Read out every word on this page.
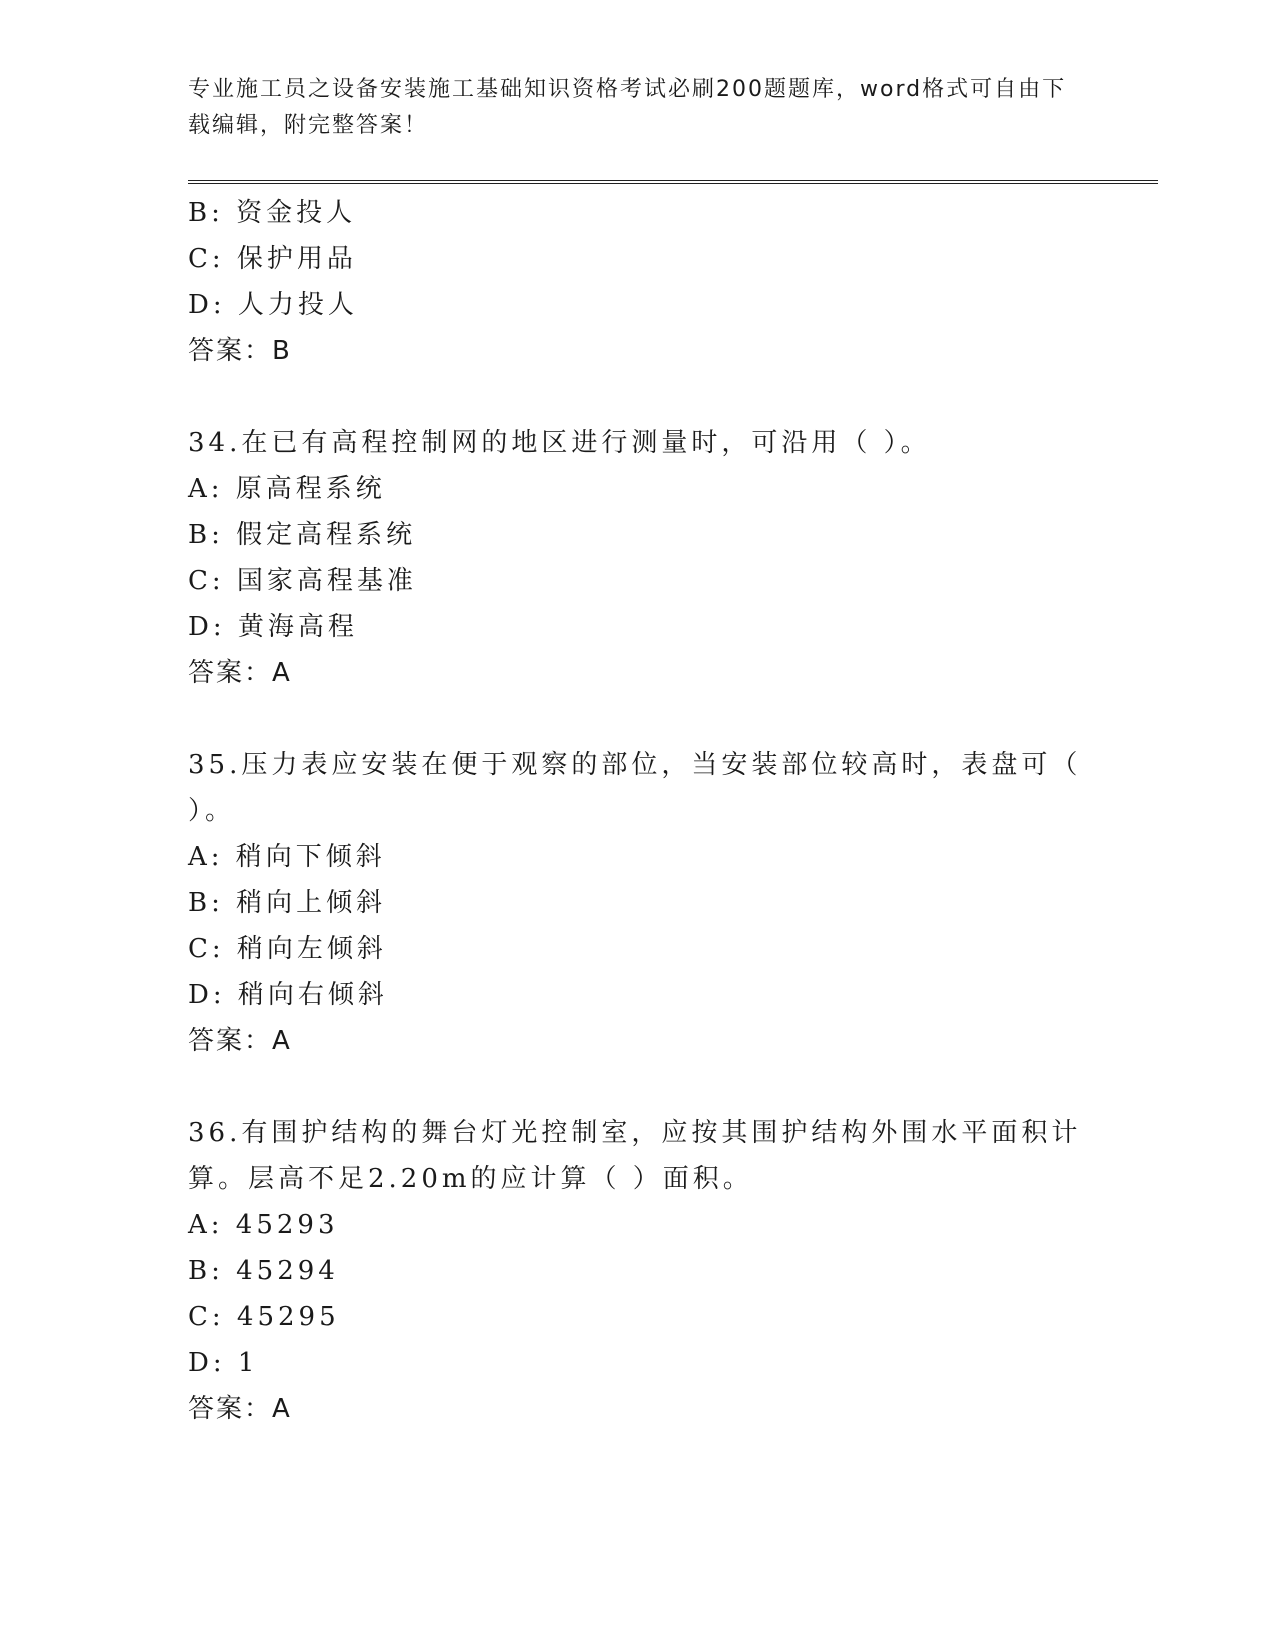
专业施工员之设备安装施工基础知识资格考试必刷200题题库，word格式可自由下载编辑，附完整答案！
B: 资金投人
C: 保护用品
D: 人力投人
答案：B
34.在已有高程控制网的地区进行测量时，可沿用（ ）。
A: 原高程系统
B: 假定高程系统
C: 国家高程基准
D: 黄海高程
答案：A
35.压力表应安装在便于观察的部位，当安装部位较高时，表盘可（ ）。
A: 稍向下倾斜
B: 稍向上倾斜
C: 稍向左倾斜
D: 稍向右倾斜
答案：A
36.有围护结构的舞台灯光控制室，应按其围护结构外围水平面积计算。层高不足2.20m的应计算（ ）面积。
A: 45293
B: 45294
C: 45295
D: 1
答案：A
